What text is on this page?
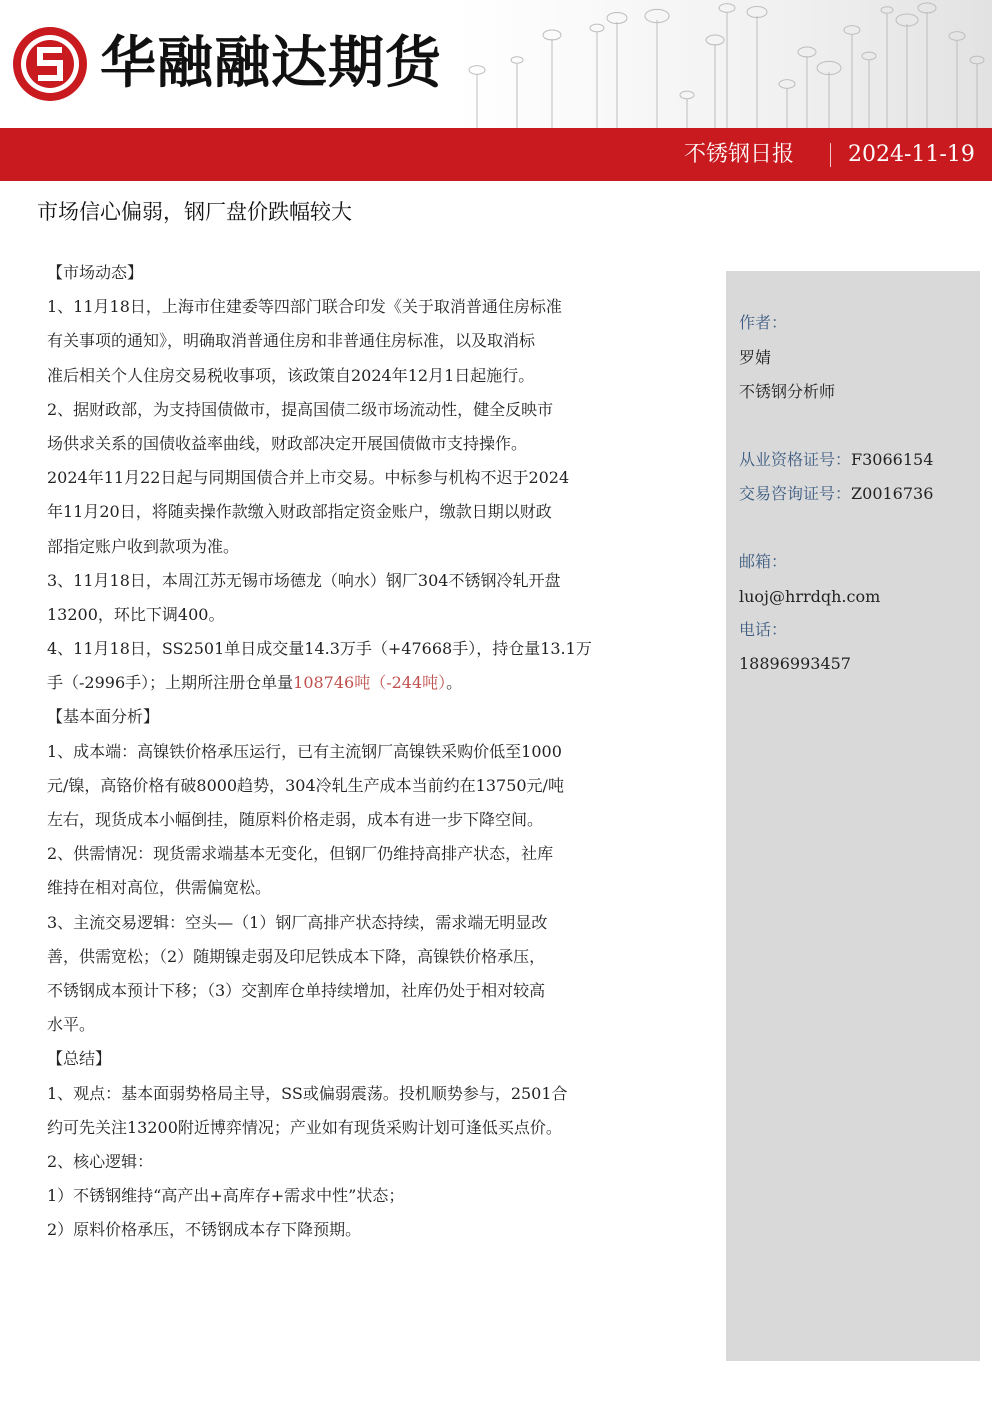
华融融达期货
不锈钢日报 2024-11-19
市场信心偏弱，钢厂盘价跌幅较大
【市场动态】
1、11月18日，上海市住建委等四部门联合印发《关于取消普通住房标准
有关事项的通知》，明确取消普通住房和非普通住房标准，以及取消标
准后相关个人住房交易税收事项，该政策自2024年12月1日起施行。
2、据财政部，为支持国债做市，提高国债二级市场流动性，健全反映市
场供求关系的国债收益率曲线，财政部决定开展国债做市支持操作。
2024年11月22日起与同期国债合并上市交易。中标参与机构不迟于2024
年11月20日，将随卖操作款缴入财政部指定资金账户，缴款日期以财政
部指定账户收到款项为准。
3、11月18日，本周江苏无锡市场德龙（响水）钢厂304不锈钢冷轧开盘
13200，环比下调400。
4、11月18日，SS2501单日成交量14.3万手（+47668手），持仓量13.1万
手（-2996手）；上期所注册仓单量108746吨（-244吨）。
【基本面分析】
1、成本端：高镍铁价格承压运行，已有主流钢厂高镍铁采购价低至1000
元/镍，高铬价格有破8000趋势，304冷轧生产成本当前约在13750元/吨
左右，现货成本小幅倒挂，随原料价格走弱，成本有进一步下降空间。
2、供需情况：现货需求端基本无变化，但钢厂仍维持高排产状态，社库
维持在相对高位，供需偏宽松。
3、主流交易逻辑：空头—（1）钢厂高排产状态持续，需求端无明显改
善，供需宽松；（2）随期镍走弱及印尼铁成本下降，高镍铁价格承压，
不锈钢成本预计下移；（3）交割库仓单持续增加，社库仍处于相对较高
水平。
【总结】
1、观点：基本面弱势格局主导，SS或偏弱震荡。投机顺势参与，2501合
约可先关注13200附近博弈情况；产业如有现货采购计划可逢低买点价。
2、核心逻辑：
1）不锈钢维持“高产出+高库存+需求中性”状态；
2）原料价格承压，不锈钢成本存下降预期。
作者：
罗婧
不锈钢分析师
从业资格证号：F3066154
交易咨询证号：Z0016736
邮箱：
luoj@hrrdqh.com
电话：
18896993457
